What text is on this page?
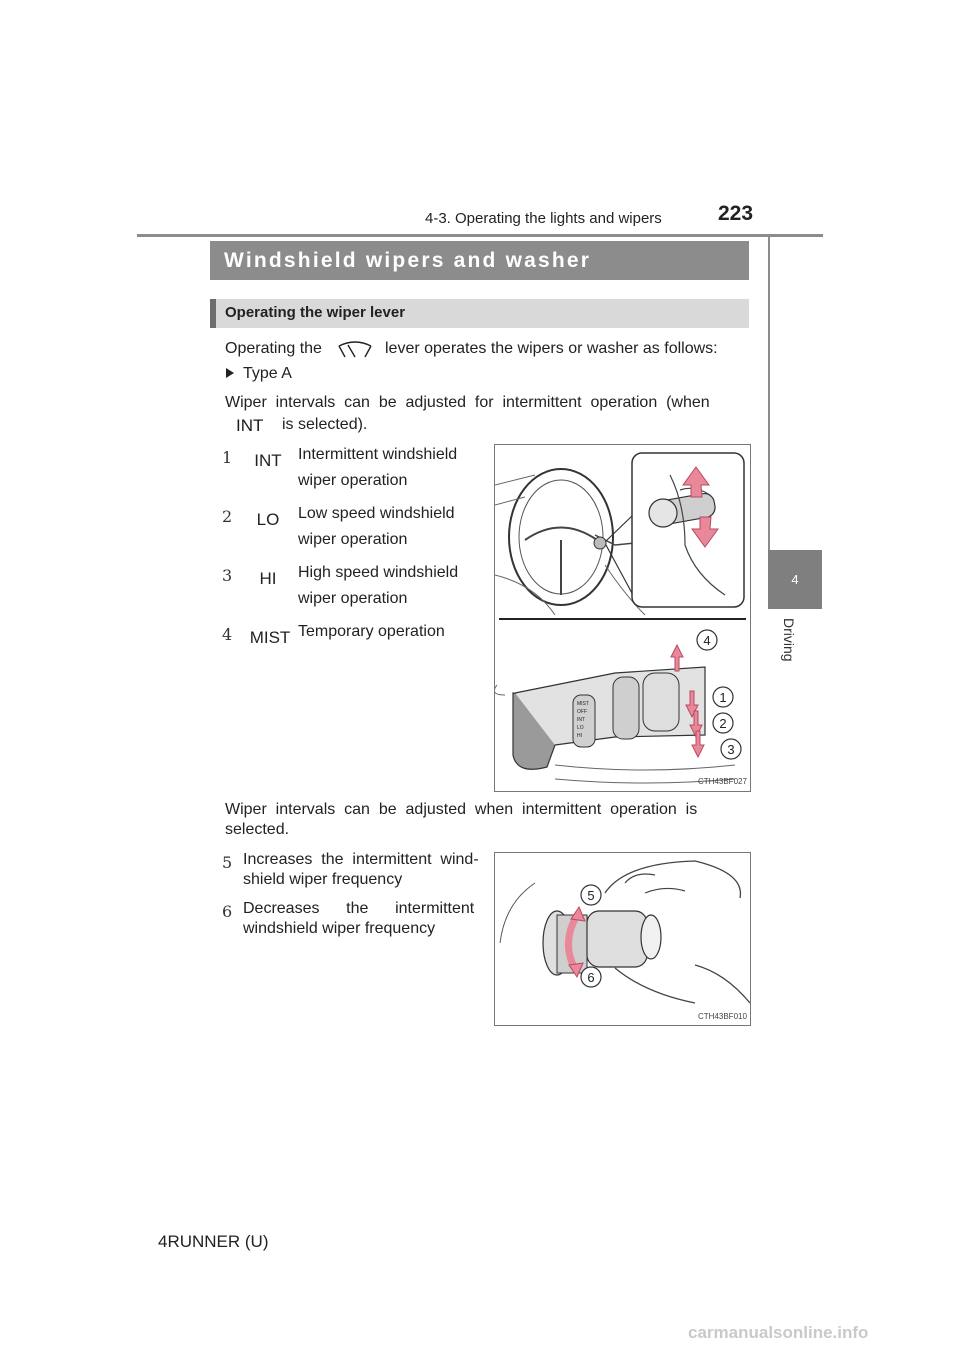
4-3. Operating the lights and wipers	223
4
Driving
Windshield wipers and washer
Operating the wiper lever
Operating the	lever operates the wipers or washer as follows:
Type A
Wiper  intervals  can  be  adjusted  for  intermittent  operation  (when
INT is selected).
1	INT	Intermittent windshield
wiper operation
2	LO	Low speed windshield
wiper operation
3	HI	High speed windshield
wiper operation
4	MIST Temporary operation
MIST
OFF
INT
LO
HI
4
1
2
3
CTH43BF027
Wiper  intervals  can  be  adjusted  when  intermittent  operation  is
selected.
5 Increases  the  intermittent  wind-
shield wiper frequency
6 Decreases      the      intermittent
windshield wiper frequency
5
6
CTH43BF010
4RUNNER (U)
carmanualsonline.info
